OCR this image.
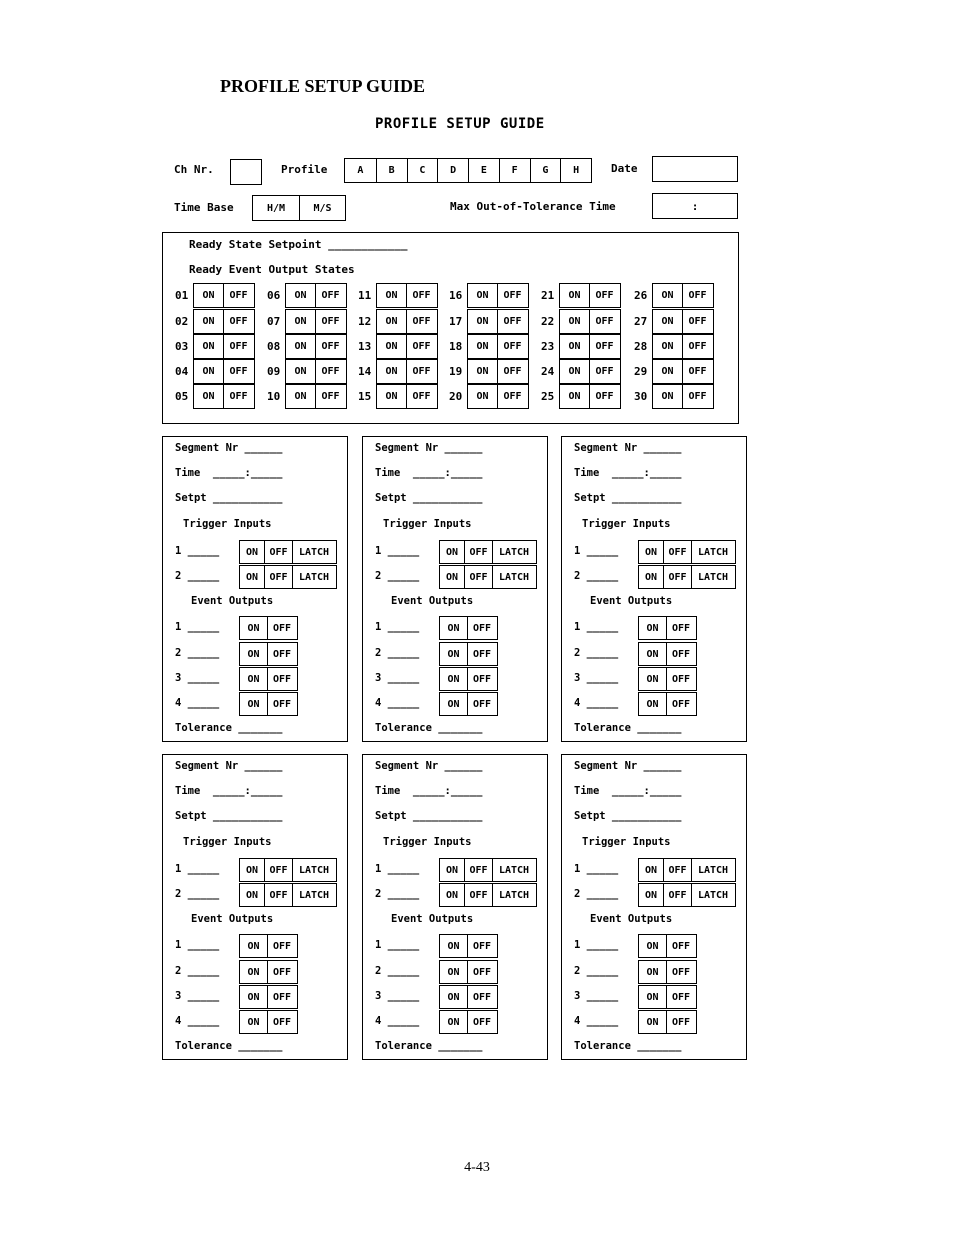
PROFILE SETUP GUIDE
PROFILE SETUP GUIDE
Ch Nr.	Profile	A	B	C	D	E	F	G	H	Date
Time Base	H/M	M/S	Max Out-of-Tolerance Time	:
Ready State Setpoint ____________
Ready Event Output States
01	ON	OFF
02	ON	OFF
03	ON	OFF
04	ON	OFF
05	ON	OFF
06	ON	OFF
07	ON	OFF
08	ON	OFF
09	ON	OFF
10	ON	OFF
11	ON	OFF
12	ON	OFF
13	ON	OFF
14	ON	OFF
15	ON	OFF
16	ON	OFF
17	ON	OFF
18	ON	OFF
19	ON	OFF
20	ON	OFF
21	ON	OFF
22	ON	OFF
23	ON	OFF
24	ON	OFF
25	ON	OFF
26	ON	OFF
27	ON	OFF
28	ON	OFF
29	ON	OFF
30	ON	OFF
Segment Nr ______
Time  _____:_____
Setpt ___________
Trigger Inputs
1 _____	ON	OFF	LATCH
2 _____	ON	OFF	LATCH
Event Outputs
1 _____	ON	OFF
2 _____	ON	OFF
3 _____	ON	OFF
4 _____	ON	OFF
Tolerance _______
Segment Nr ______
Time  _____:_____
Setpt ___________
Trigger Inputs
1 _____	ON	OFF	LATCH
2 _____	ON	OFF	LATCH
Event Outputs
1 _____	ON	OFF
2 _____	ON	OFF
3 _____	ON	OFF
4 _____	ON	OFF
Tolerance _______
Segment Nr ______
Time  _____:_____
Setpt ___________
Trigger Inputs
1 _____	ON	OFF	LATCH
2 _____	ON	OFF	LATCH
Event Outputs
1 _____	ON	OFF
2 _____	ON	OFF
3 _____	ON	OFF
4 _____	ON	OFF
Tolerance _______
Segment Nr ______
Time  _____:_____
Setpt ___________
Trigger Inputs
1 _____	ON	OFF	LATCH
2 _____	ON	OFF	LATCH
Event Outputs
1 _____	ON	OFF
2 _____	ON	OFF
3 _____	ON	OFF
4 _____	ON	OFF
Tolerance _______
Segment Nr ______
Time  _____:_____
Setpt ___________
Trigger Inputs
1 _____	ON	OFF	LATCH
2 _____	ON	OFF	LATCH
Event Outputs
1 _____	ON	OFF
2 _____	ON	OFF
3 _____	ON	OFF
4 _____	ON	OFF
Tolerance _______
Segment Nr ______
Time  _____:_____
Setpt ___________
Trigger Inputs
1 _____	ON	OFF	LATCH
2 _____	ON	OFF	LATCH
Event Outputs
1 _____	ON	OFF
2 _____	ON	OFF
3 _____	ON	OFF
4 _____	ON	OFF
Tolerance _______
4-43
